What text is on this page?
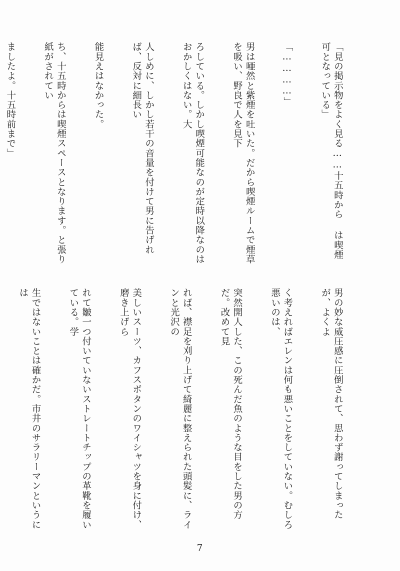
「見の掲示物をよく見る……十五時から は喫煙可となっている」

「…………」

男は唖然と紫煙を吐いた。だから喫煙ルームで煙草を吸い、野良で人を見下

ろしている。しかし喫煙可能なのが定時以降なのはおかしくはない。大

人しめに、しかし若干の音量を付けて男に告げれば、反対に細長い

能見えはなかった。

ち、十五時からは喫煙スペースとなります。と張り紙がされてい

ましたよ。十五時前まで」

男の妙な威圧感に圧倒されて、思わず謝ってしまったが、よくよ

く考えればエレンは何も悪いことをしていない。むしろ悪いのは、

突然開人した、この死んだ魚のような目をした男の方だ。改めて見

れば、襟足を刈り上げて綺麗に整えられた頭髪に、ラインと光沢の

美しいスーツ、カフスボタンのワイシャツを身に付け、磨き上げら

れて皺一つ付いていないストレートチップの革靴を履いている。学

生ではないことは確かだ。市井のサラリーマンというには

7
